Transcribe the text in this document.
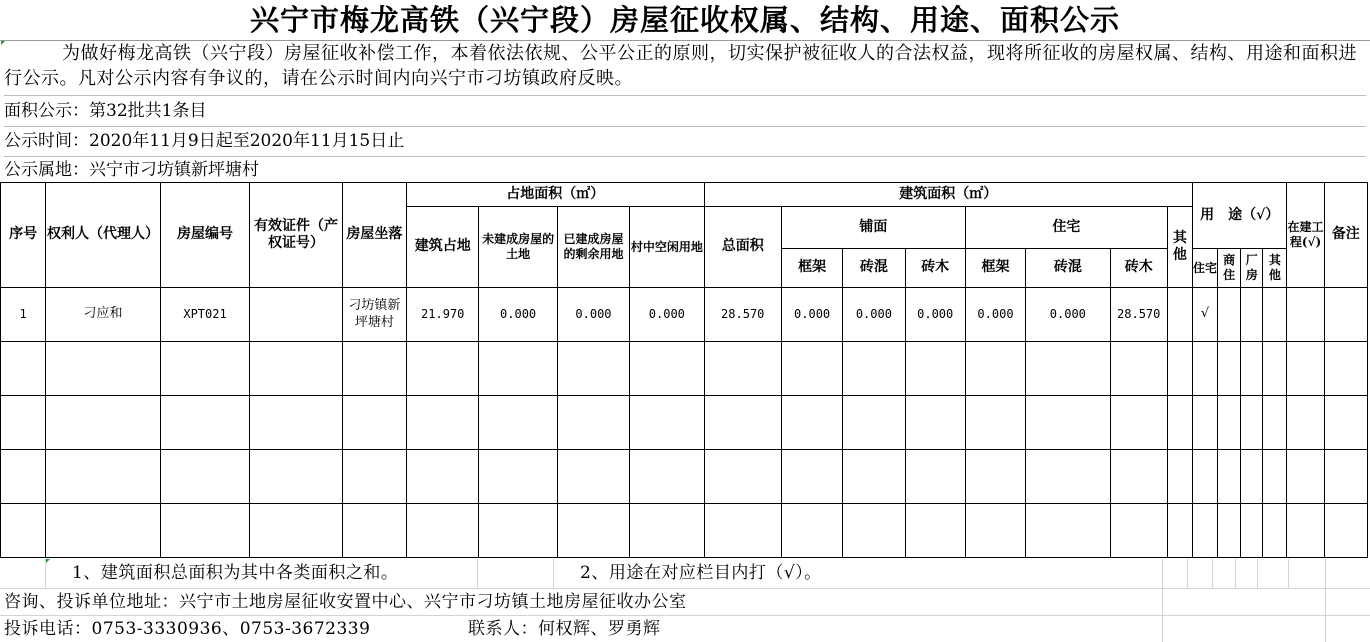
兴宁市梅龙高铁（兴宁段）房屋征收权属、结构、用途、面积公示
为做好梅龙高铁（兴宁段）房屋征收补偿工作，本着依法依规、公平公正的原则，切实保护被征收人的合法权益，现将所征收的房屋权属、结构、用途和面积进行公示。凡对公示内容有争议的，请在公示时间内向兴宁市刁坊镇政府反映。
面积公示：第32批共1条目
公示时间：2020年11月9日起至2020年11月15日止
公示属地：兴宁市刁坊镇新坪塘村
序号	权利人（代理人）	房屋编号	有效证件（产权证号）	房屋坐落	占地面积（㎡）				建筑面积（㎡）								用　途（√）				在建工程(√)	备注
					建筑占地	未建成房屋的土地	已建成房屋的剩余用地	村中空闲用地	总面积	铺面			住宅			其他						
										框架	砖混	砖木	框架	砖混	砖木		住宅	商住	厂房	其他		
1	刁应和	XPT021		刁坊镇新坪塘村	21.970	0.000	0.000	0.000	28.570	0.000	0.000	0.000	0.000	0.000	28.570		√					

1、建筑面积总面积为其中各类面积之和。	2、用途在对应栏目内打（√）。
咨询、投诉单位地址：兴宁市土地房屋征收安置中心、兴宁市刁坊镇土地房屋征收办公室
投诉电话：0753-3330936、0753-3672339	联系人：何权辉、罗勇辉
